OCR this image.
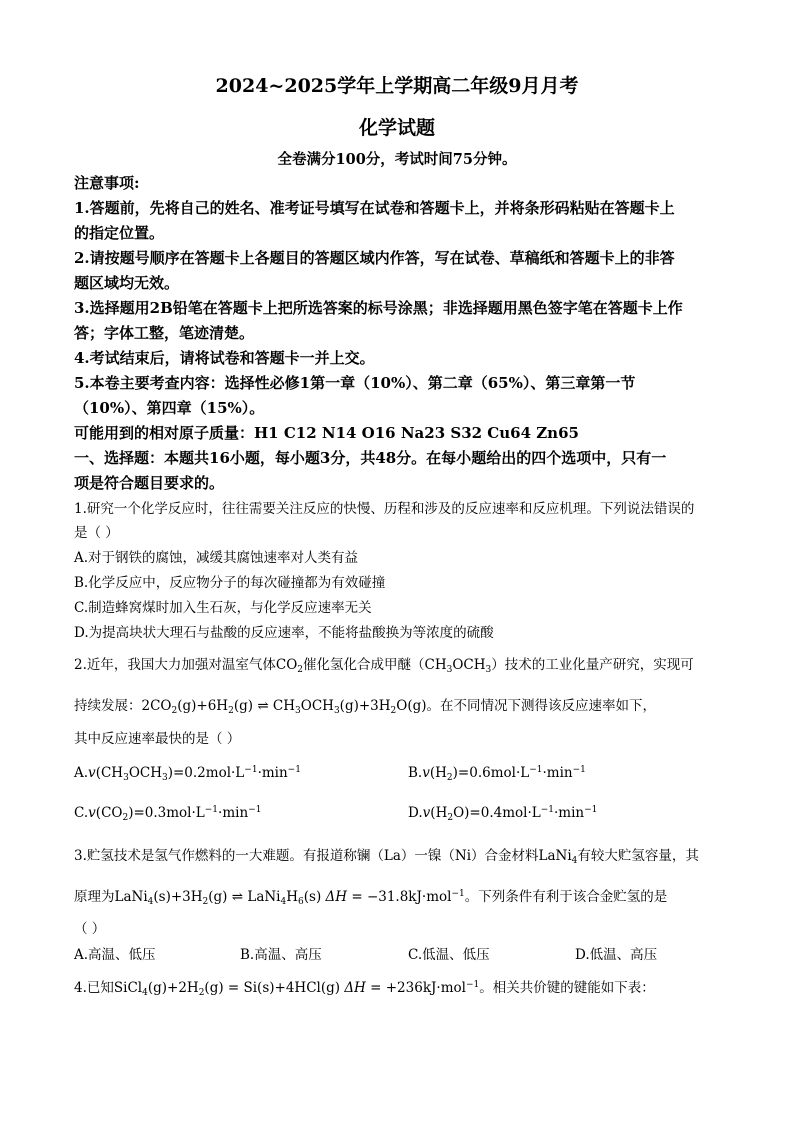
2024~2025学年上学期高二年级9月月考
化学试题
全卷满分100分，考试时间75分钟。
注意事项:
1.答题前，先将自己的姓名、准考证号填写在试卷和答题卡上，并将条形码粘贴在答题卡上
的指定位置。
2.请按题号顺序在答题卡上各题目的答题区域内作答，写在试卷、草稿纸和答题卡上的非答
题区域均无效。
3.选择题用2B铅笔在答题卡上把所选答案的标号涂黑；非选择题用黑色签字笔在答题卡上作
答；字体工整，笔迹清楚。
4.考试结束后，请将试卷和答题卡一并上交。
5.本卷主要考查内容：选择性必修1第一章（10%）、第二章（65%）、第三章第一节
（10%）、第四章（15%）。
可能用到的相对原子质量：H1 C12 N14 O16 Na23 S32 Cu64 Zn65
一、选择题：本题共16小题，每小题3分，共48分。在每小题给出的四个选项中，只有一
项是符合题目要求的。
1.研究一个化学反应时，往往需要关注反应的快慢、历程和涉及的反应速率和反应机理。下列说法错误的
是（ ）
A.对于钢铁的腐蚀，减缓其腐蚀速率对人类有益
B.化学反应中，反应物分子的每次碰撞都为有效碰撞
C.制造蜂窝煤时加入生石灰，与化学反应速率无关
D.为提高块状大理石与盐酸的反应速率，不能将盐酸换为等浓度的硫酸
2.近年，我国大力加强对温室气体$CO_2$催化氢化合成甲醚$(CH_3OCH_3)$技术的工业化量产研究，实现可
持续发展：$2CO_2(g)+6H_2(g)$ ⇌ $CH_3OCH_3(g)+3H_2O(g)$。在不同情况下测得该反应速率如下，
其中反应速率最快的是（ ）
$A.v(CH_3OCH_3)=0.2mol\cdot L^{-1}\cdot\min^{-1}$	$B.v(H_2)=0.6mol\cdot L^{-1}\cdot\min^{-1}$
$C.v(CO_2)=0.3mol\cdot L^{-1}\cdot\min^{-1}$	$D.v(H_2O)=0.4mol\cdot L^{-1}\cdot\min^{-1}$
3.贮氢技术是氢气作燃料的一大难题。有报道称镧（La）一镍（Ni）合金材料LaNi$_4$有较大贮氢容量，其
原理为$LaNi_4(s)+3H_2(g)$ ⇌ $LaNi_4H_6(s) \Delta H = -31.8kJ\cdot mol^{-1}$。下列条件有利于该合金贮氢的是
（ ）
A.高温、低压	B.高温、高压	C.低温、低压	D.低温、高压
4.已知$SiCl_4(g)+2H_2(g) = Si(s)+4HCl(g) \Delta H = +236kJ\cdot mol^{-1}$。相关共价键的键能如下表：
